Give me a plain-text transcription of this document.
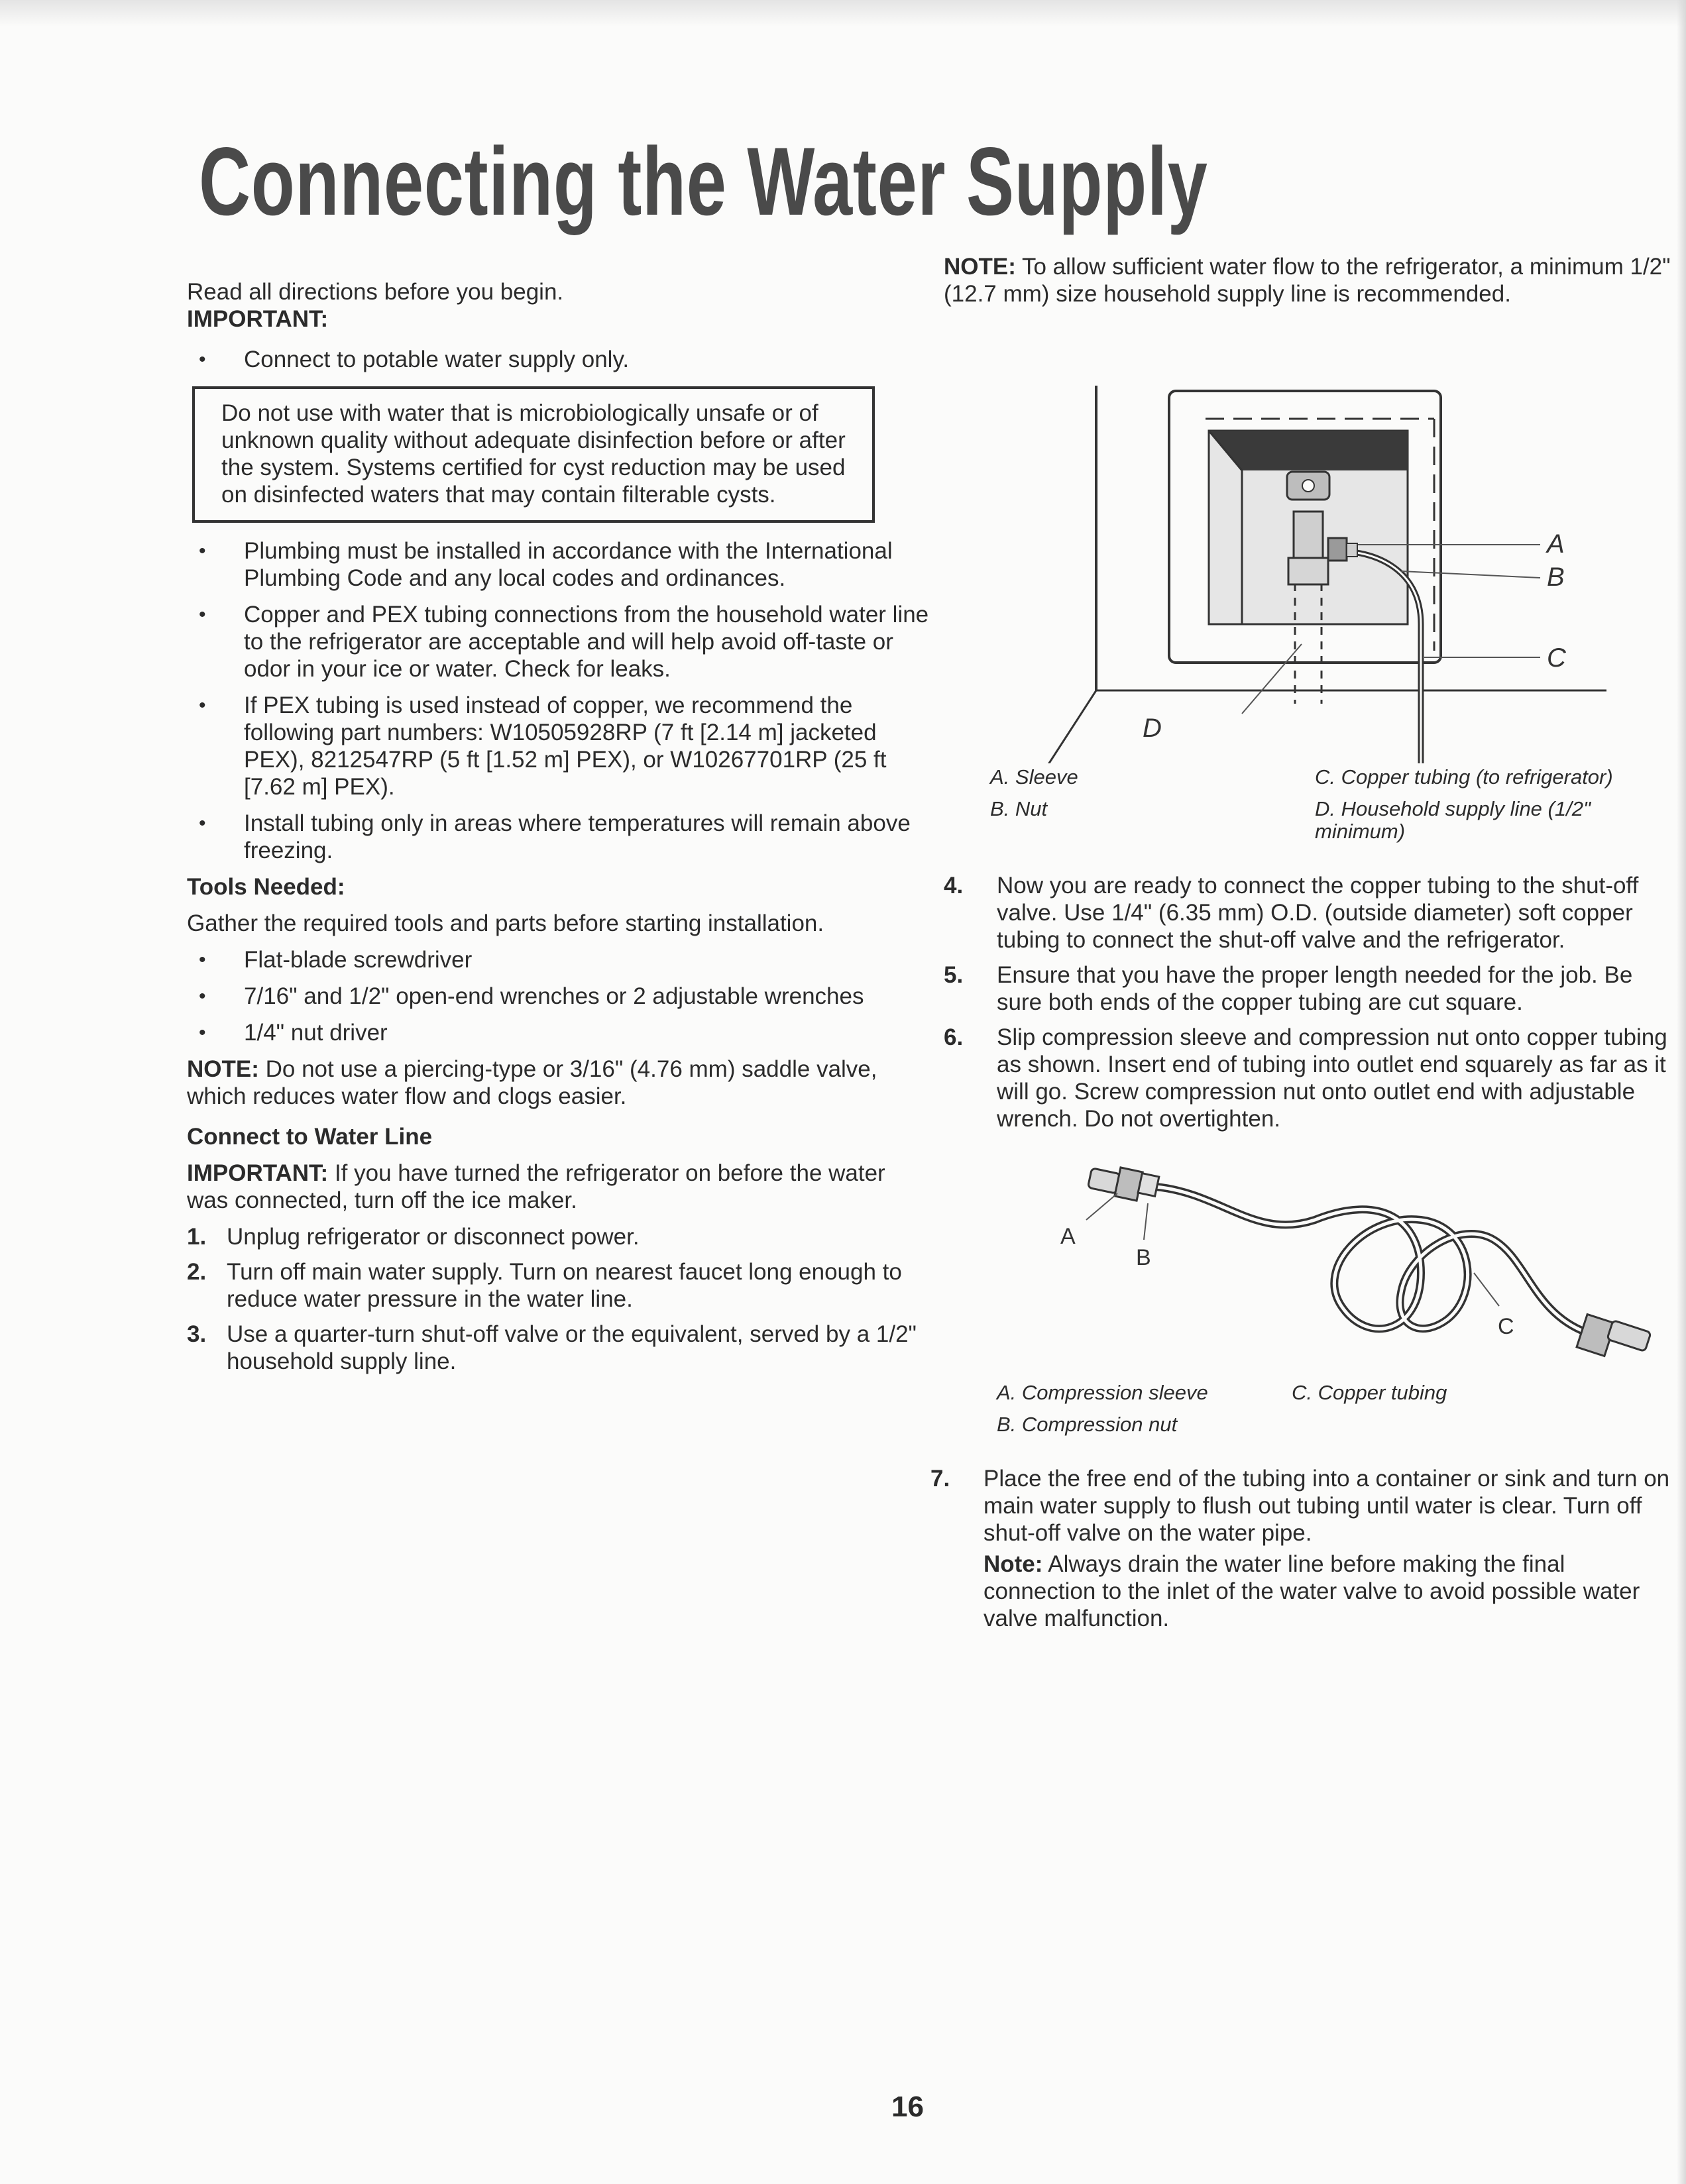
Connecting the Water Supply

Read all directions before you begin.

IMPORTANT:

• Connect to potable water supply only.

Do not use with water that is microbiologically unsafe or of unknown quality without adequate disinfection before or after the system. Systems certified for cyst reduction may be used on disinfected waters that may contain filterable cysts.

• Plumbing must be installed in accordance with the International Plumbing Code and any local codes and ordinances.
• Copper and PEX tubing connections from the household water line to the refrigerator are acceptable and will help avoid off-taste or odor in your ice or water. Check for leaks.
• If PEX tubing is used instead of copper, we recommend the following part numbers: W10505928RP (7 ft [2.14 m] jacketed PEX), 8212547RP (5 ft [1.52 m] PEX), or W10267701RP (25 ft [7.62 m] PEX).
• Install tubing only in areas where temperatures will remain above freezing.

Tools Needed:

Gather the required tools and parts before starting installation.

• Flat-blade screwdriver
• 7/16" and 1/2" open-end wrenches or 2 adjustable wrenches
• 1/4" nut driver

NOTE: Do not use a piercing-type or 3/16" (4.76 mm) saddle valve, which reduces water flow and clogs easier.

Connect to Water Line

IMPORTANT: If you have turned the refrigerator on before the water was connected, turn off the ice maker.

1. Unplug refrigerator or disconnect power.
2. Turn off main water supply. Turn on nearest faucet long enough to reduce water pressure in the water line.
3. Use a quarter-turn shut-off valve or the equivalent, served by a 1/2" household supply line.

NOTE: To allow sufficient water flow to the refrigerator, a minimum 1/2" (12.7 mm) size household supply line is recommended.

A
B
C
D
A. Sleeve	C. Copper tubing (to refrigerator)
B. Nut	D. Household supply line (1/2" minimum)
4. Now you are ready to connect the copper tubing to the shut-off valve. Use 1/4" (6.35 mm) O.D. (outside diameter) soft copper tubing to connect the shut-off valve and the refrigerator.
5. Ensure that you have the proper length needed for the job. Be sure both ends of the copper tubing are cut square.
6. Slip compression sleeve and compression nut onto copper tubing as shown. Insert end of tubing into outlet end squarely as far as it will go. Screw compression nut onto outlet end with adjustable wrench. Do not overtighten.
A
B
C
A. Compression sleeve	C. Copper tubing
B. Compression nut
7. Place the free end of the tubing into a container or sink and turn on main water supply to flush out tubing until water is clear. Turn off shut-off valve on the water pipe.

Note: Always drain the water line before making the final connection to the inlet of the water valve to avoid possible water valve malfunction.

16
